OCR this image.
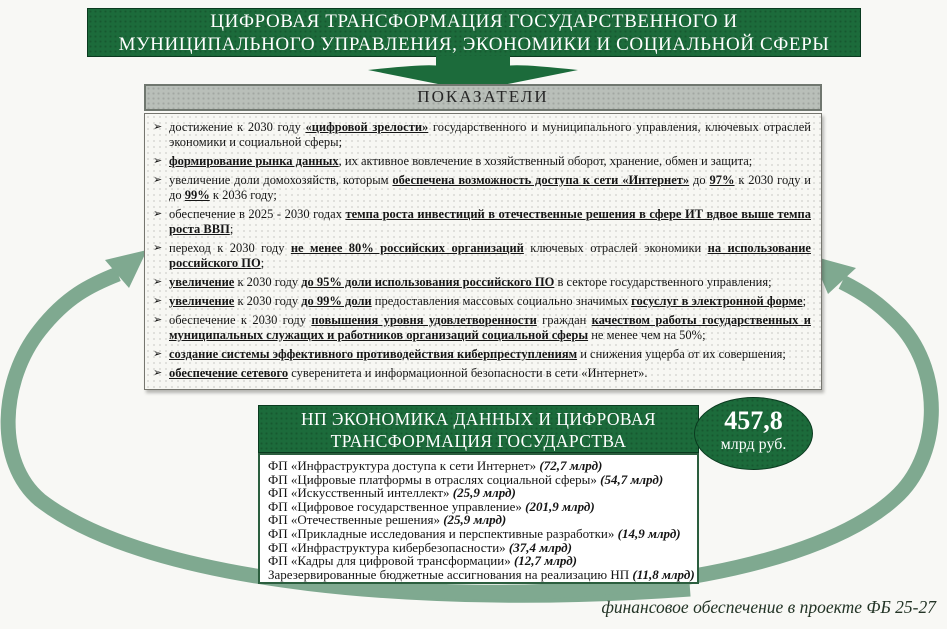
ЦИФРОВАЯ ТРАНСФОРМАЦИЯ ГОСУДАРСТВЕННОГО И
МУНИЦИПАЛЬНОГО УПРАВЛЕНИЯ, ЭКОНОМИКИ И СОЦИАЛЬНОЙ СФЕРЫ
ПОКАЗАТЕЛИ
➢ достижение к 2030 году «цифровой зрелости» государственного и муниципального управления, ключевых отраслей экономики и социальной сферы;
➢ формирование рынка данных, их активное вовлечение в хозяйственный оборот, хранение, обмен и защита;
➢ увеличение доли домохозяйств, которым обеспечена возможность доступа к сети «Интернет» до 97% к 2030 году и до 99% к 2036 году;
➢ обеспечение в 2025 - 2030 годах темпа роста инвестиций в отечественные решения в сфере ИТ вдвое выше темпа роста ВВП;
➢ переход к 2030 году не менее 80% российских организаций ключевых отраслей экономики на использование российского ПО;
➢ увеличение к 2030 году до 95% доли использования российского ПО в секторе государственного управления;
➢ увеличение к 2030 году до 99% доли предоставления массовых социально значимых госуслуг в электронной форме;
➢ обеспечение к 2030 году повышения уровня удовлетворенности граждан качеством работы государственных и муниципальных служащих и работников организаций социальной сферы не менее чем на 50%;
➢ создание системы эффективного противодействия киберпреступлениям и снижения ущерба от их совершения;
➢ обеспечение сетевого суверенитета и информационной безопасности в сети «Интернет».
НП ЭКОНОМИКА ДАННЫХ И ЦИФРОВАЯ
ТРАНСФОРМАЦИЯ ГОСУДАРСТВА
ФП «Инфраструктура доступа к сети Интернет» (72,7 млрд)
ФП «Цифровые платформы в отраслях социальной сферы» (54,7 млрд)
ФП «Искусственный интеллект» (25,9 млрд)
ФП «Цифровое государственное управление» (201,9 млрд)
ФП «Отечественные решения» (25,9 млрд)
ФП «Прикладные исследования и перспективные разработки» (14,9 млрд)
ФП «Инфраструктура кибербезопасности» (37,4 млрд)
ФП «Кадры для цифровой трансформации» (12,7 млрд)
Зарезервированные бюджетные ассигнования на реализацию НП (11,8 млрд)
457,8
млрд руб.
финансовое обеспечение в проекте ФБ 25-27
